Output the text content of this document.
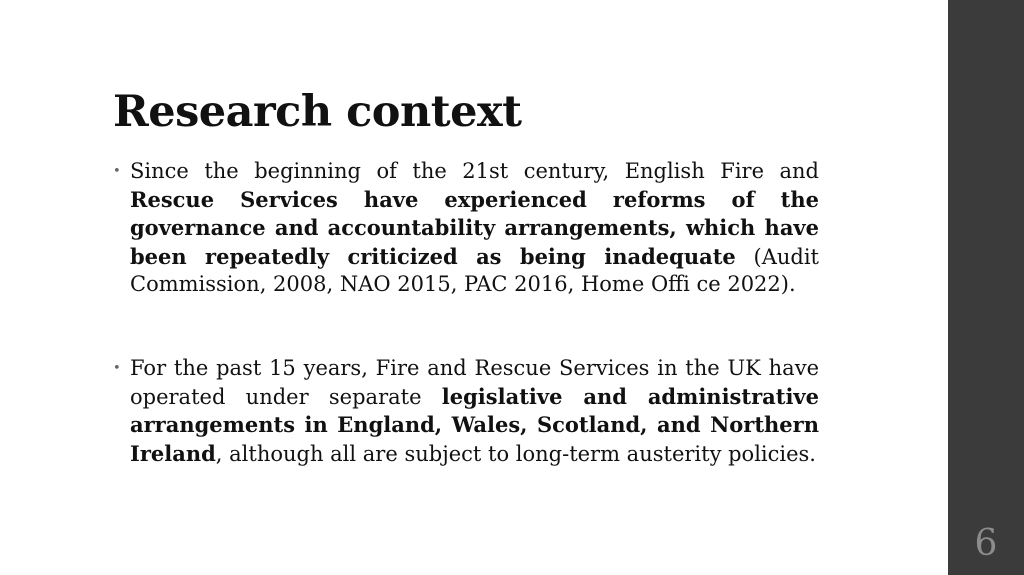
Research context
• Since the beginning of the 21st century, English Fire and Rescue Services have experienced reforms of the governance and accountability arrangements, which have been repeatedly criticized as being inadequate (Audit Commission, 2008, NAO 2015, PAC 2016, Home Offi ce 2022).
• For the past 15 years, Fire and Rescue Services in the UK have operated under separate legislative and administrative arrangements in England, Wales, Scotland, and Northern Ireland, although all are subject to long-term austerity policies.
6
